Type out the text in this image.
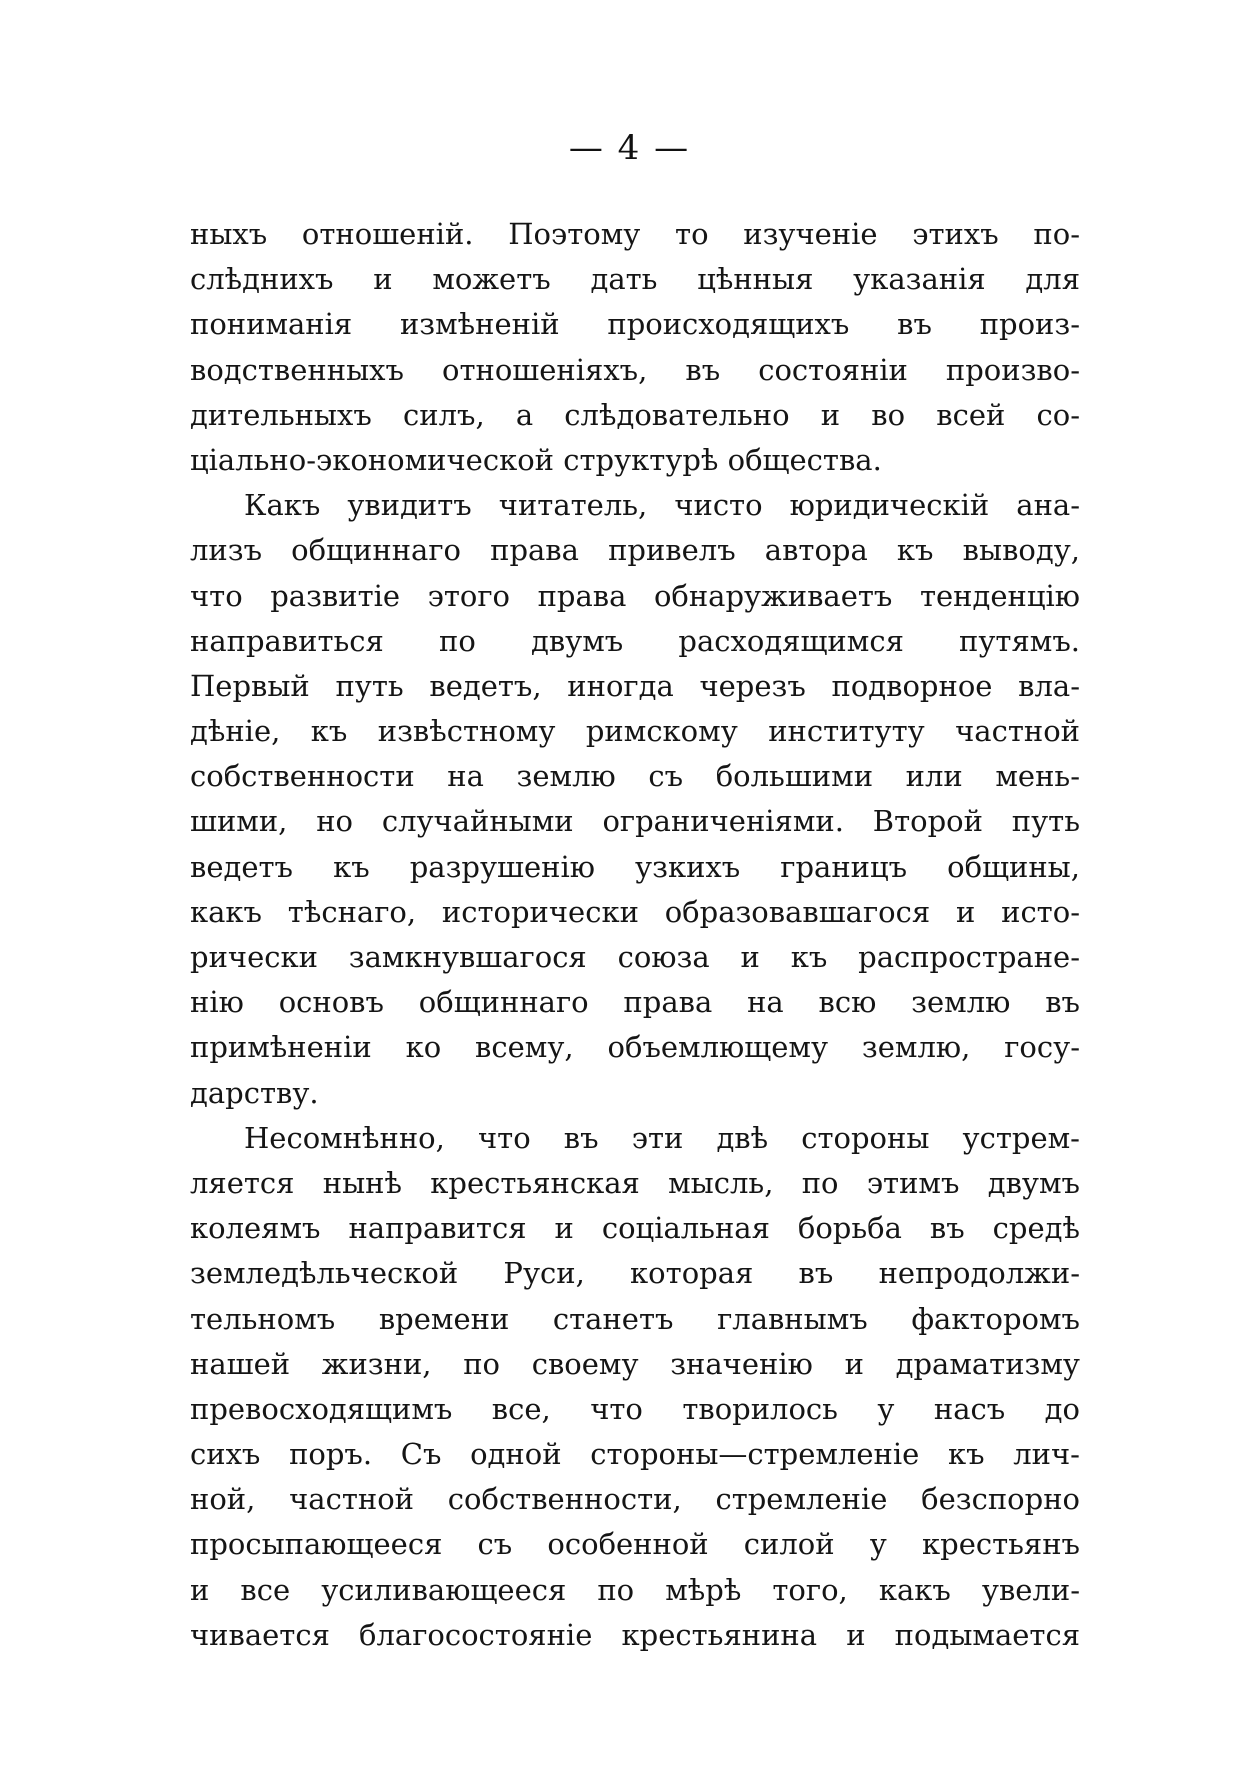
— 4 —
ныхъ отношеній. Поэтому то изученіе этихъ по-
слѣднихъ и можетъ дать цѣнныя указанія для
пониманія измѣненій происходящихъ въ произ-
водственныхъ отношеніяхъ, въ состояніи произво-
дительныхъ силъ, а слѣдовательно и во всей со-
ціально-экономической структурѣ общества.
Какъ увидитъ читатель, чисто юридическій ана-
лизъ общиннаго права привелъ автора къ выводу,
что развитіе этого права обнаруживаетъ тенденцію
направиться по двумъ расходящимся путямъ.
Первый путь ведетъ, иногда черезъ подворное вла-
дѣніе, къ извѣстному римскому институту частной
собственности на землю съ большими или мень-
шими, но случайными ограниченіями. Второй путь
ведетъ къ разрушенію узкихъ границъ общины,
какъ тѣснаго, исторически образовавшагося и исто-
рически замкнувшагося союза и къ распростране-
нію основъ общиннаго права на всю землю въ
примѣненіи ко всему, объемлющему землю, госу-
дарству.
Несомнѣнно, что въ эти двѣ стороны устрем-
ляется нынѣ крестьянская мысль, по этимъ двумъ
колеямъ направится и соціальная борьба въ средѣ
земледѣльческой Руси, которая въ непродолжи-
тельномъ времени станетъ главнымъ факторомъ
нашей жизни, по своему значенію и драматизму
превосходящимъ все, что творилось у насъ до
сихъ поръ. Съ одной стороны—стремленіе къ лич-
ной, частной собственности, стремленіе безспорно
просыпающееся съ особенной силой у крестьянъ
и все усиливающееся по мѣрѣ того, какъ увели-
чивается благосостояніе крестьянина и подымается
